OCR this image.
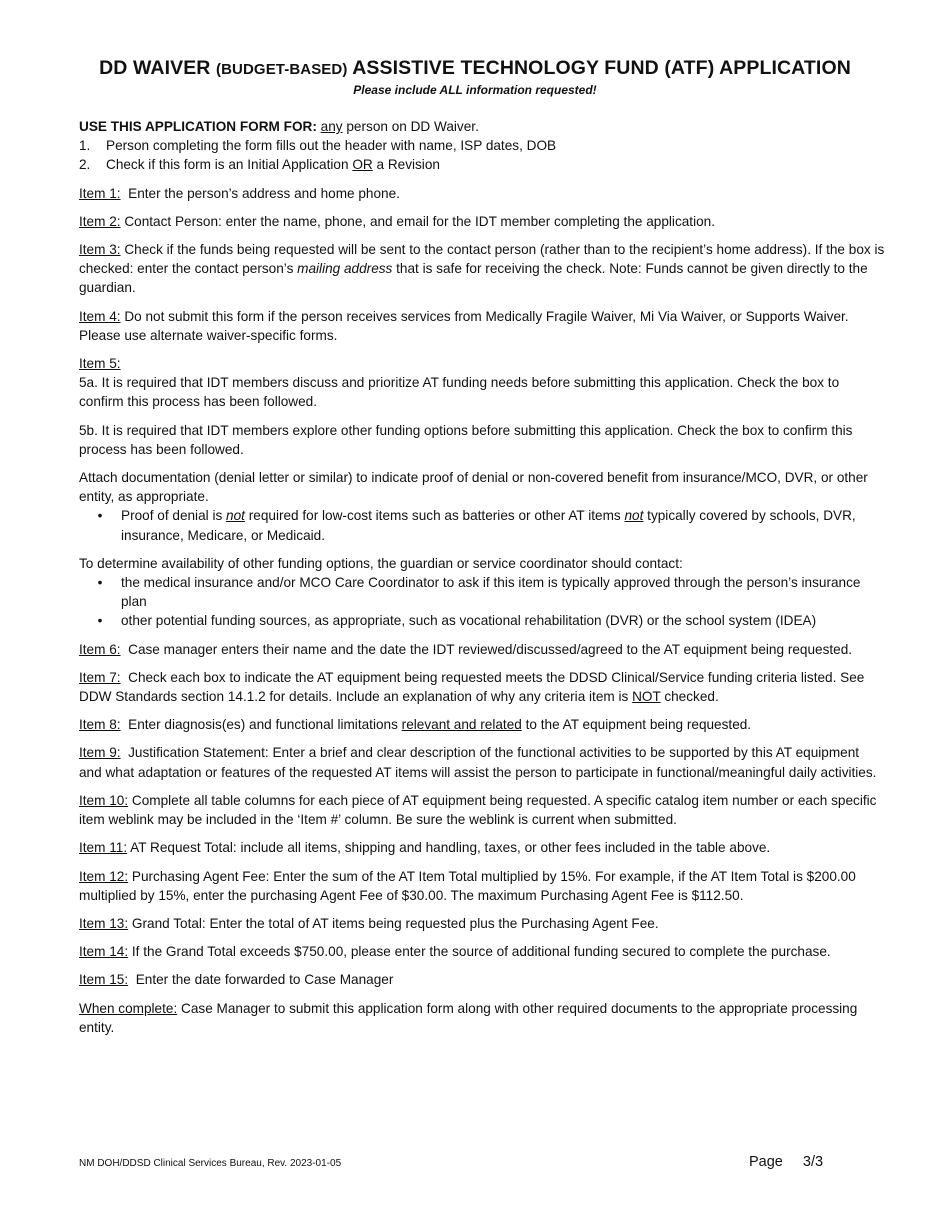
DD WAIVER (BUDGET-BASED) ASSISTIVE TECHNOLOGY FUND (ATF) APPLICATION
Please include ALL information requested!
USE THIS APPLICATION FORM FOR: any person on DD Waiver.
1.	Person completing the form fills out the header with name, ISP dates, DOB
2.	Check if this form is an Initial Application OR a Revision

Item 1: Enter the person’s address and home phone.

Item 2: Contact Person: enter the name, phone, and email for the IDT member completing the application.

Item 3: Check if the funds being requested will be sent to the contact person (rather than to the recipient’s home address). If the box is checked: enter the contact person’s mailing address that is safe for receiving the check. Note: Funds cannot be given directly to the guardian.

Item 4: Do not submit this form if the person receives services from Medically Fragile Waiver, Mi Via Waiver, or Supports Waiver. Please use alternate waiver-specific forms.

Item 5:

5a. It is required that IDT members discuss and prioritize AT funding needs before submitting this application. Check the box to confirm this process has been followed.

5b. It is required that IDT members explore other funding options before submitting this application. Check the box to confirm this process has been followed.

Attach documentation (denial letter or similar) to indicate proof of denial or non-covered benefit from insurance/MCO, DVR, or other entity, as appropriate.
•	Proof of denial is not required for low-cost items such as batteries or other AT items not typically covered by schools, DVR, insurance, Medicare, or Medicaid.
To determine availability of other funding options, the guardian or service coordinator should contact:
•	the medical insurance and/or MCO Care Coordinator to ask if this item is typically approved through the person’s insurance plan
•	other potential funding sources, as appropriate, such as vocational rehabilitation (DVR) or the school system (IDEA)

Item 6: Case manager enters their name and the date the IDT reviewed/discussed/agreed to the AT equipment being requested.

Item 7: Check each box to indicate the AT equipment being requested meets the DDSD Clinical/Service funding criteria listed. See DDW Standards section 14.1.2 for details. Include an explanation of why any criteria item is NOT checked.

Item 8: Enter diagnosis(es) and functional limitations relevant and related to the AT equipment being requested.

Item 9: Justification Statement: Enter a brief and clear description of the functional activities to be supported by this AT equipment and what adaptation or features of the requested AT items will assist the person to participate in functional/meaningful daily activities.

Item 10: Complete all table columns for each piece of AT equipment being requested. A specific catalog item number or each specific item weblink may be included in the ‘Item #’ column. Be sure the weblink is current when submitted.

Item 11: AT Request Total: include all items, shipping and handling, taxes, or other fees included in the table above.

Item 12: Purchasing Agent Fee: Enter the sum of the AT Item Total multiplied by 15%. For example, if the AT Item Total is $200.00 multiplied by 15%, enter the purchasing Agent Fee of $30.00. The maximum Purchasing Agent Fee is $112.50.

Item 13: Grand Total: Enter the total of AT items being requested plus the Purchasing Agent Fee.

Item 14: If the Grand Total exceeds $750.00, please enter the source of additional funding secured to complete the purchase.

Item 15: Enter the date forwarded to Case Manager

When complete: Case Manager to submit this application form along with other required documents to the appropriate processing entity.

NM DOH/DDSD Clinical Services Bureau, Rev. 2023-01-05	Page 3/3
